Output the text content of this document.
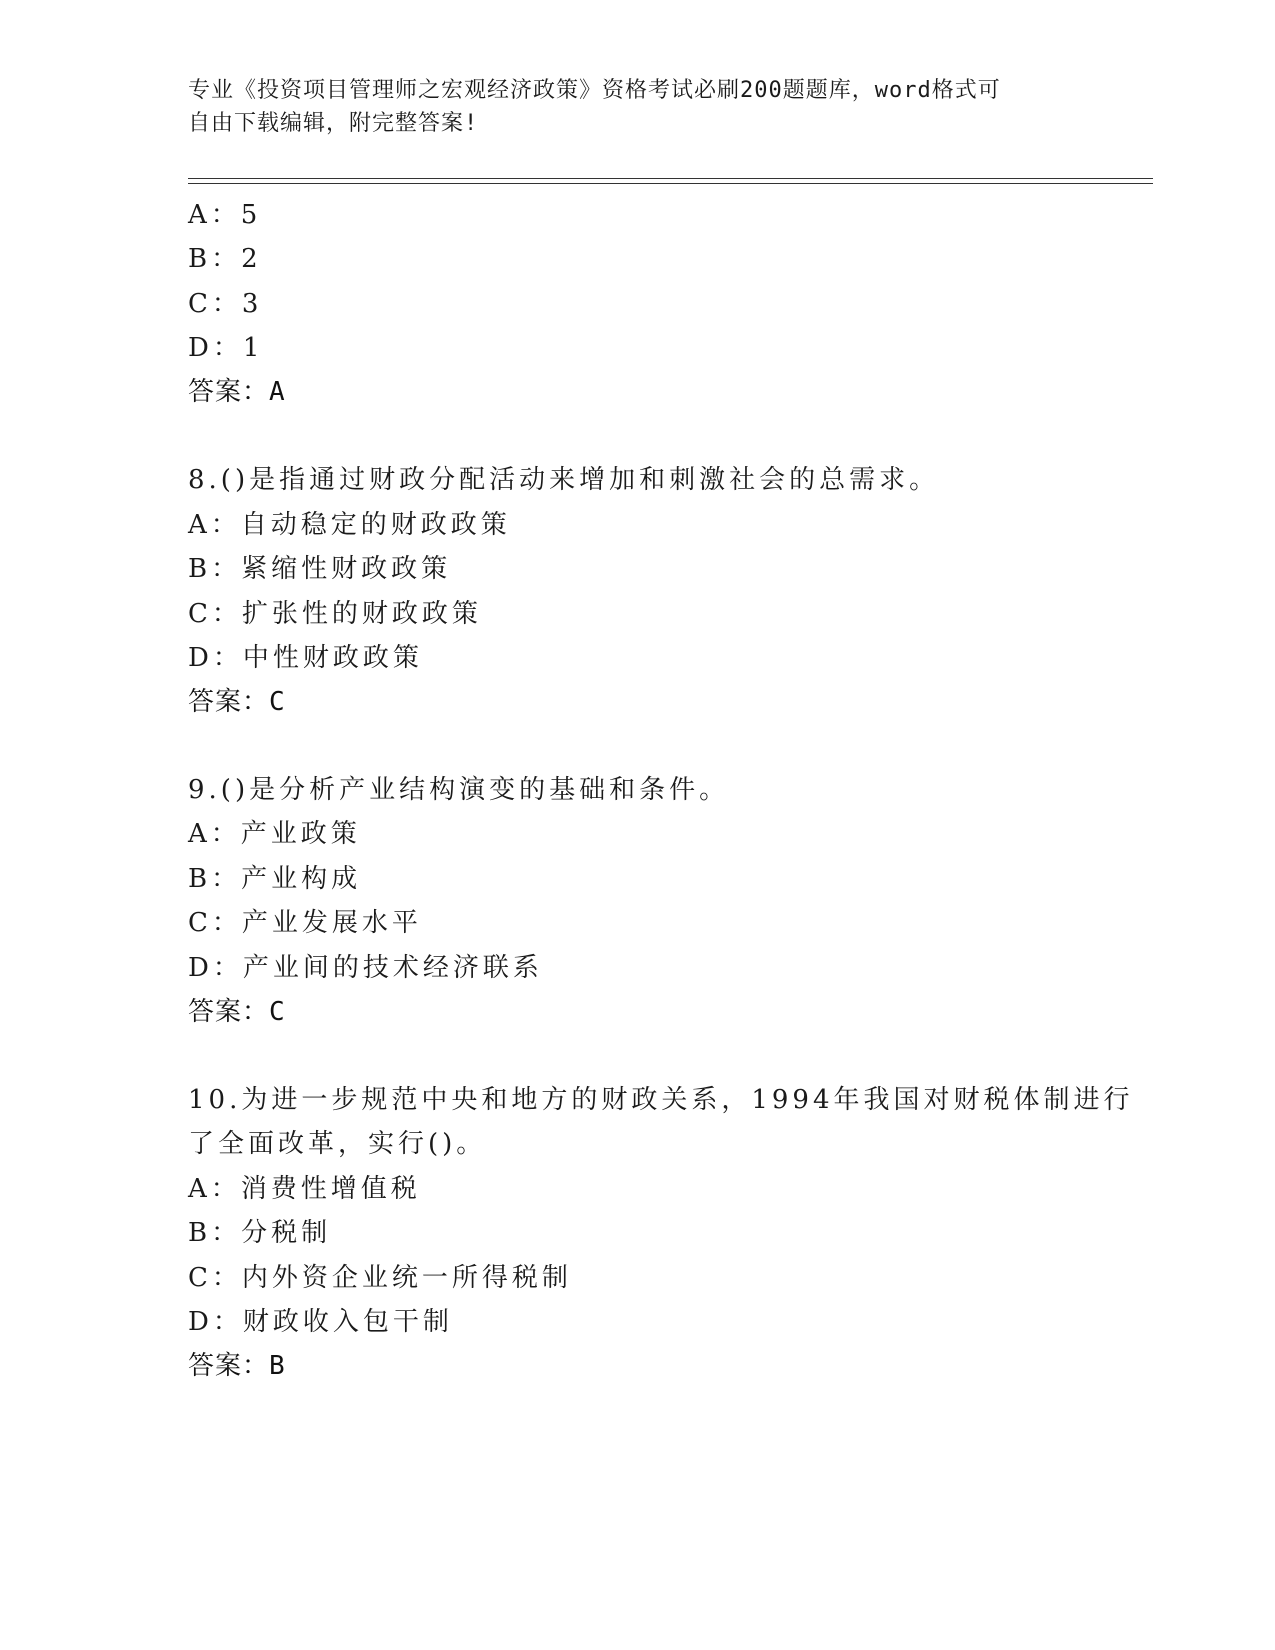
专业《投资项目管理师之宏观经济政策》资格考试必刷200题题库，word格式可
自由下载编辑，附完整答案!
A：5
B：2
C：3
D：1
答案：A
8.()是指通过财政分配活动来增加和刺激社会的总需求。
A：自动稳定的财政政策
B：紧缩性财政政策
C：扩张性的财政政策
D：中性财政政策
答案：C
9.()是分析产业结构演变的基础和条件。
A：产业政策
B：产业构成
C：产业发展水平
D：产业间的技术经济联系
答案：C
10.为进一步规范中央和地方的财政关系，1994年我国对财税体制进行
了全面改革，实行()。
A：消费性增值税
B：分税制
C：内外资企业统一所得税制
D：财政收入包干制
答案：B
